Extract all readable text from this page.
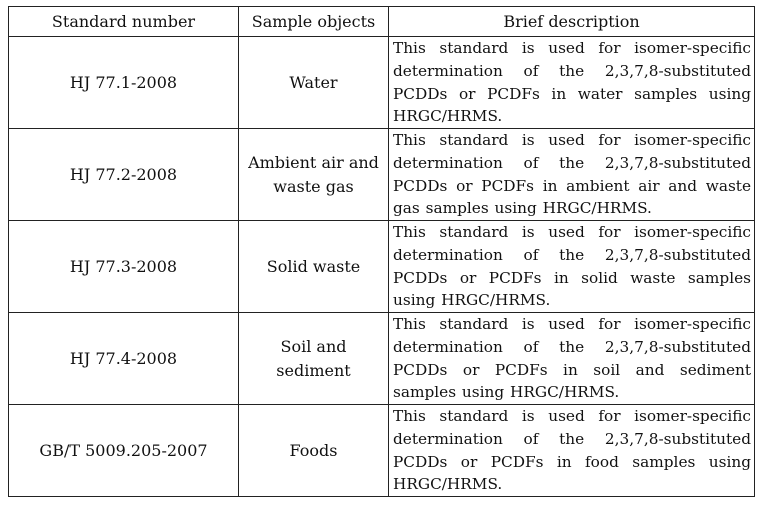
Standard number	Sample objects	Brief description
HJ 77.1-2008	Water	This standard is used for isomer-specific determination of the 2,3,7,8-substituted PCDDs or PCDFs in water samples using HRGC/HRMS.
HJ 77.2-2008	Ambient air and waste gas	This standard is used for isomer-specific determination of the 2,3,7,8-substituted PCDDs or PCDFs in ambient air and waste gas samples using HRGC/HRMS.
HJ 77.3-2008	Solid waste	This standard is used for isomer-specific determination of the 2,3,7,8-substituted PCDDs or PCDFs in solid waste samples using HRGC/HRMS.
HJ 77.4-2008	Soil and sediment	This standard is used for isomer-specific determination of the 2,3,7,8-substituted PCDDs or PCDFs in soil and sediment samples using HRGC/HRMS.
GB/T 5009.205-2007	Foods	This standard is used for isomer-specific determination of the 2,3,7,8-substituted PCDDs or PCDFs in food samples using HRGC/HRMS.
